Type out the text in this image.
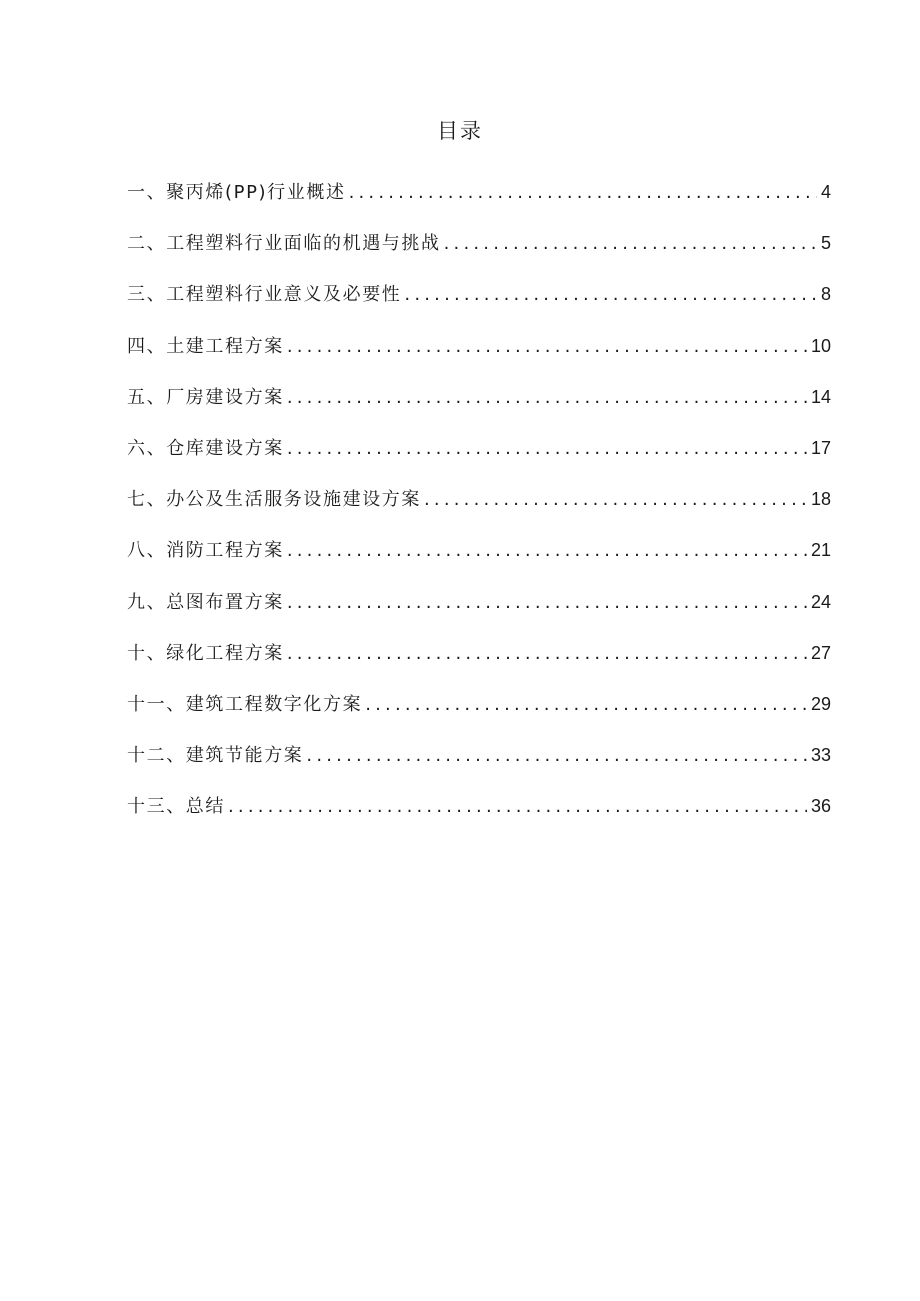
目录
一、聚丙烯(PP)行业概述 .....	4
二、工程塑料行业面临的机遇与挑战 .....	5
三、工程塑料行业意义及必要性 .....	8
四、土建工程方案 .....	10
五、厂房建设方案 .....	14
六、仓库建设方案 .....	17
七、办公及生活服务设施建设方案 .....	18
八、消防工程方案 .....	21
九、总图布置方案 .....	24
十、绿化工程方案 .....	27
十一、建筑工程数字化方案 .....	29
十二、建筑节能方案 .....	33
十三、总结 .....	36
